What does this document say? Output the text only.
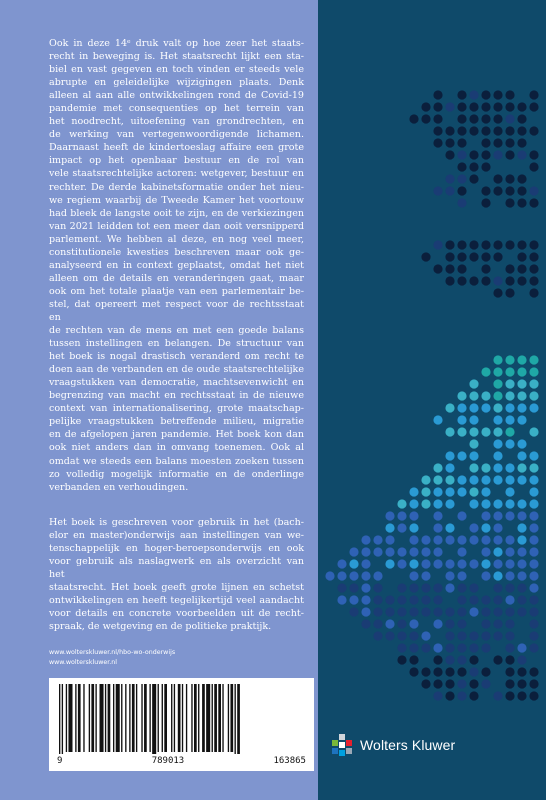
Ook in deze 14ᵉ druk valt op hoe zeer het staats-
recht in beweging is. Het staatsrecht lijkt een sta-
biel en vast gegeven en toch vinden er steeds vele
abrupte en geleidelijke wijzigingen plaats. Denk
alleen al aan alle ontwikkelingen rond de Covid-19
pandemie met consequenties op het terrein van
het noodrecht, uitoefening van grondrechten, en
de werking van vertegenwoordigende lichamen.
Daarnaast heeft de kindertoeslag affaire een grote
impact op het openbaar bestuur en de rol van
vele staatsrechtelijke actoren: wetgever, bestuur en
rechter. De derde kabinetsformatie onder het nieu-
we regiem waarbij de Tweede Kamer het voortouw
had bleek de langste ooit te zijn, en de verkiezingen
van 2021 leidden tot een meer dan ooit versnipperd
parlement. We hebben al deze, en nog veel meer,
constitutionele kwesties beschreven maar ook ge-
analyseerd en in context geplaatst, omdat het niet
alleen om de details en veranderingen gaat, maar
ook om het totale plaatje van een parlementair be-
stel, dat opereert met respect voor de rechtsstaat en
de rechten van de mens en met een goede balans
tussen instellingen en belangen. De structuur van
het boek is nogal drastisch veranderd om recht te
doen aan de verbanden en de oude staatsrechtelijke
vraagstukken van democratie, machtsevenwicht en
begrenzing van macht en rechtsstaat in de nieuwe
context van internationalisering, grote maatschap-
pelijke vraagstukken betreffende milieu, migratie
en de afgelopen jaren pandemie. Het boek kon dan
ook niet anders dan in omvang toenemen. Ook al
omdat we steeds een balans moesten zoeken tussen
zo volledig mogelijk informatie en de onderlinge
verbanden en verhoudingen.
Het boek is geschreven voor gebruik in het (bach-
elor en master)onderwijs aan instellingen van we-
tenschappelijk en hoger-beroepsonderwijs en ook
voor gebruik als naslagwerk en als overzicht van het
staatsrecht. Het boek geeft grote lijnen en schetst
ontwikkelingen en heeft tegelijkertijd veel aandacht
voor details en concrete voorbeelden uit de recht-
spraak, de wetgeving en de politieke praktijk.
www.wolterskluwer.nl/hbo-wo-onderwijs
www.wolterskluwer.nl
9	789013	163865
Wolters Kluwer
